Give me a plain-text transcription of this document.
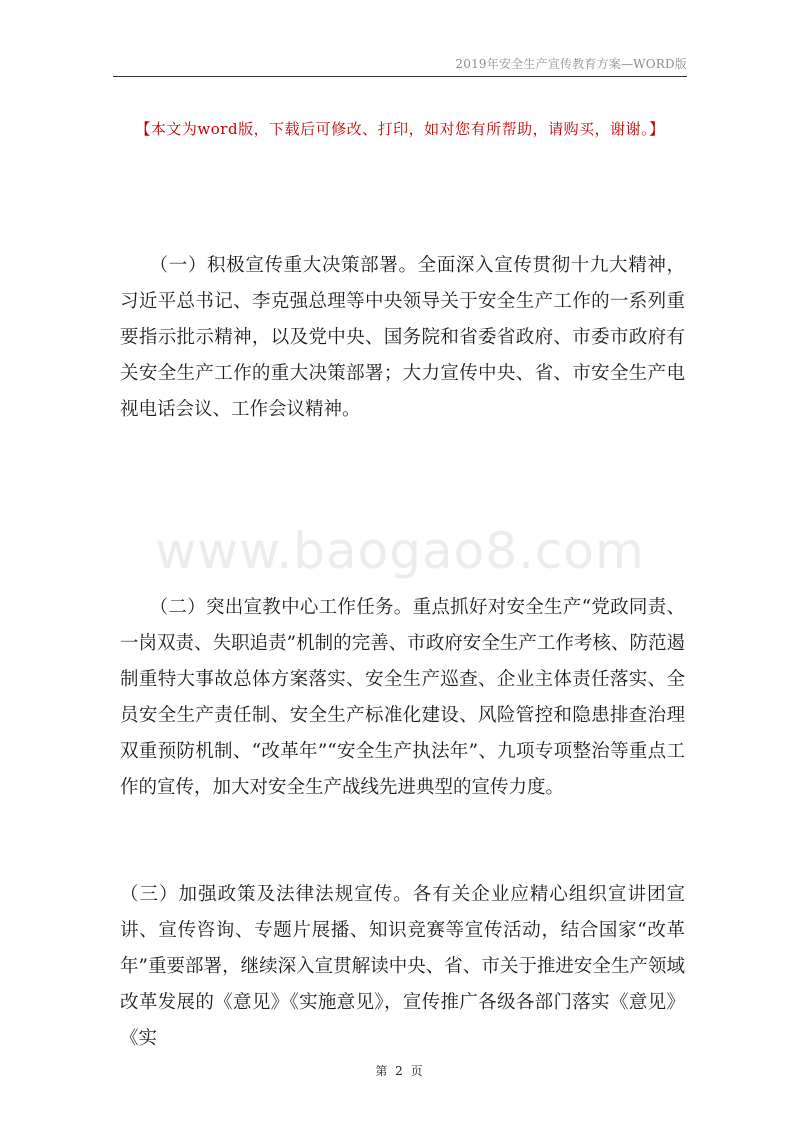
2019年安全生产宣传教育方案—WORD版
【本文为word版，下载后可修改、打印，如对您有所帮助，请购买，谢谢。】
www.baogao8.com

（一）积极宣传重大决策部署。全面深入宣传贯彻十九大精神，习近平总书记、李克强总理等中央领导关于安全生产工作的一系列重要指示批示精神，以及党中央、国务院和省委省政府、市委市政府有关安全生产工作的重大决策部署；大力宣传中央、省、市安全生产电视电话会议、工作会议精神。

（二）突出宣教中心工作任务。重点抓好对安全生产“党政同责、一岗双责、失职追责”机制的完善、市政府安全生产工作考核、防范遏制重特大事故总体方案落实、安全生产巡查、企业主体责任落实、全员安全生产责任制、安全生产标准化建设、风险管控和隐患排查治理双重预防机制、“改革年”“安全生产执法年”、九项专项整治等重点工作的宣传，加大对安全生产战线先进典型的宣传力度。

（三）加强政策及法律法规宣传。各有关企业应精心组织宣讲团宣讲、宣传咨询、专题片展播、知识竞赛等宣传活动，结合国家“改革年”重要部署，继续深入宣贯解读中央、省、市关于推进安全生产领域改革发展的《意见》《实施意见》，宣传推广各级各部门落实《意见》《实

第 2 页
